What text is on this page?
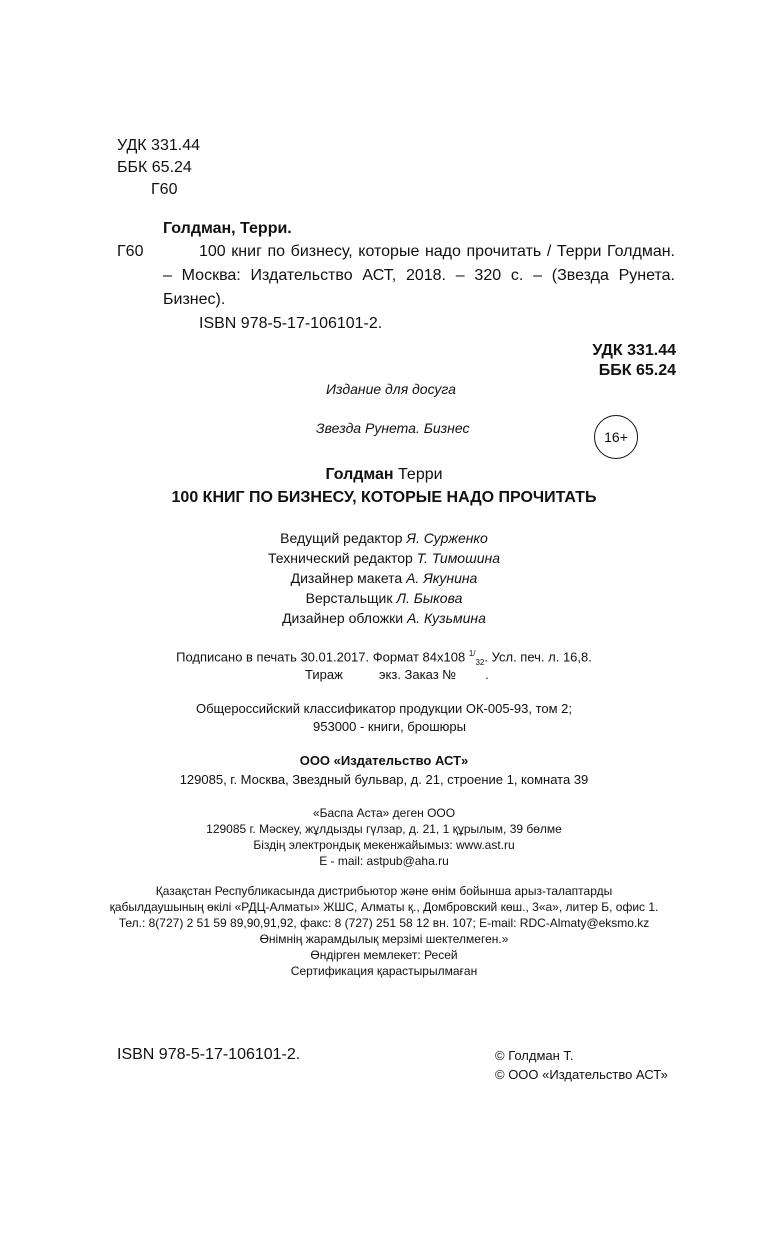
УДК 331.44
ББК 65.24
Г60
Голдман, Терри.
Г60	100 книг по бизнесу, которые надо прочитать / Терри Голдман. – Москва: Издательство АСТ, 2018. – 320 с. – (Звезда Рунета. Бизнес).
ISBN 978-5-17-106101-2.
УДК 331.44
ББК 65.24
Издание для досуга
Звезда Рунета. Бизнес
16+
Голдман Терри
100 КНИГ ПО БИЗНЕСУ, КОТОРЫЕ НАДО ПРОЧИТАТЬ
Ведущий редактор Я. Сурженко
Технический редактор Т. Тимошина
Дизайнер макета А. Якунина
Верстальщик Л. Быкова
Дизайнер обложки А. Кузьмина
Подписано в печать 30.01.2017. Формат 84х108 $^{1/}_{32}$. Усл. печ. л. 16,8.
Тираж          экз. Заказ №        .
Общероссийский классификатор продукции ОК-005-93, том 2;
953000 - книги, брошюры
ООО «Издательство АСТ»
129085, г. Москва, Звездный бульвар, д. 21, строение 1, комната 39
«Баспа Аста» деген ООО
129085 г. Мәскеу, жұлдызды гүлзар, д. 21, 1 құрылым, 39 бөлме
Біздің электрондық мекенжайымыз: www.ast.ru
E - mail: astpub@aha.ru
Қазақстан Республикасында дистрибьютор және өнім бойынша арыз-талаптарды
қабылдаушының өкілі «РДЦ-Алматы» ЖШС, Алматы қ., Домбровский көш., 3«а», литер Б, офис 1.
Тел.: 8(727) 2 51 59 89,90,91,92, факс: 8 (727) 251 58 12 вн. 107; E-mail: RDC-Almaty@eksmo.kz
Өнімнің жарамдылық мерзімі шектелмеген.»
Өндірген мемлекет: Ресей
Сертификация қарастырылмаған
ISBN 978-5-17-106101-2.	© Голдман Т.
© ООО «Издательство АСТ»
